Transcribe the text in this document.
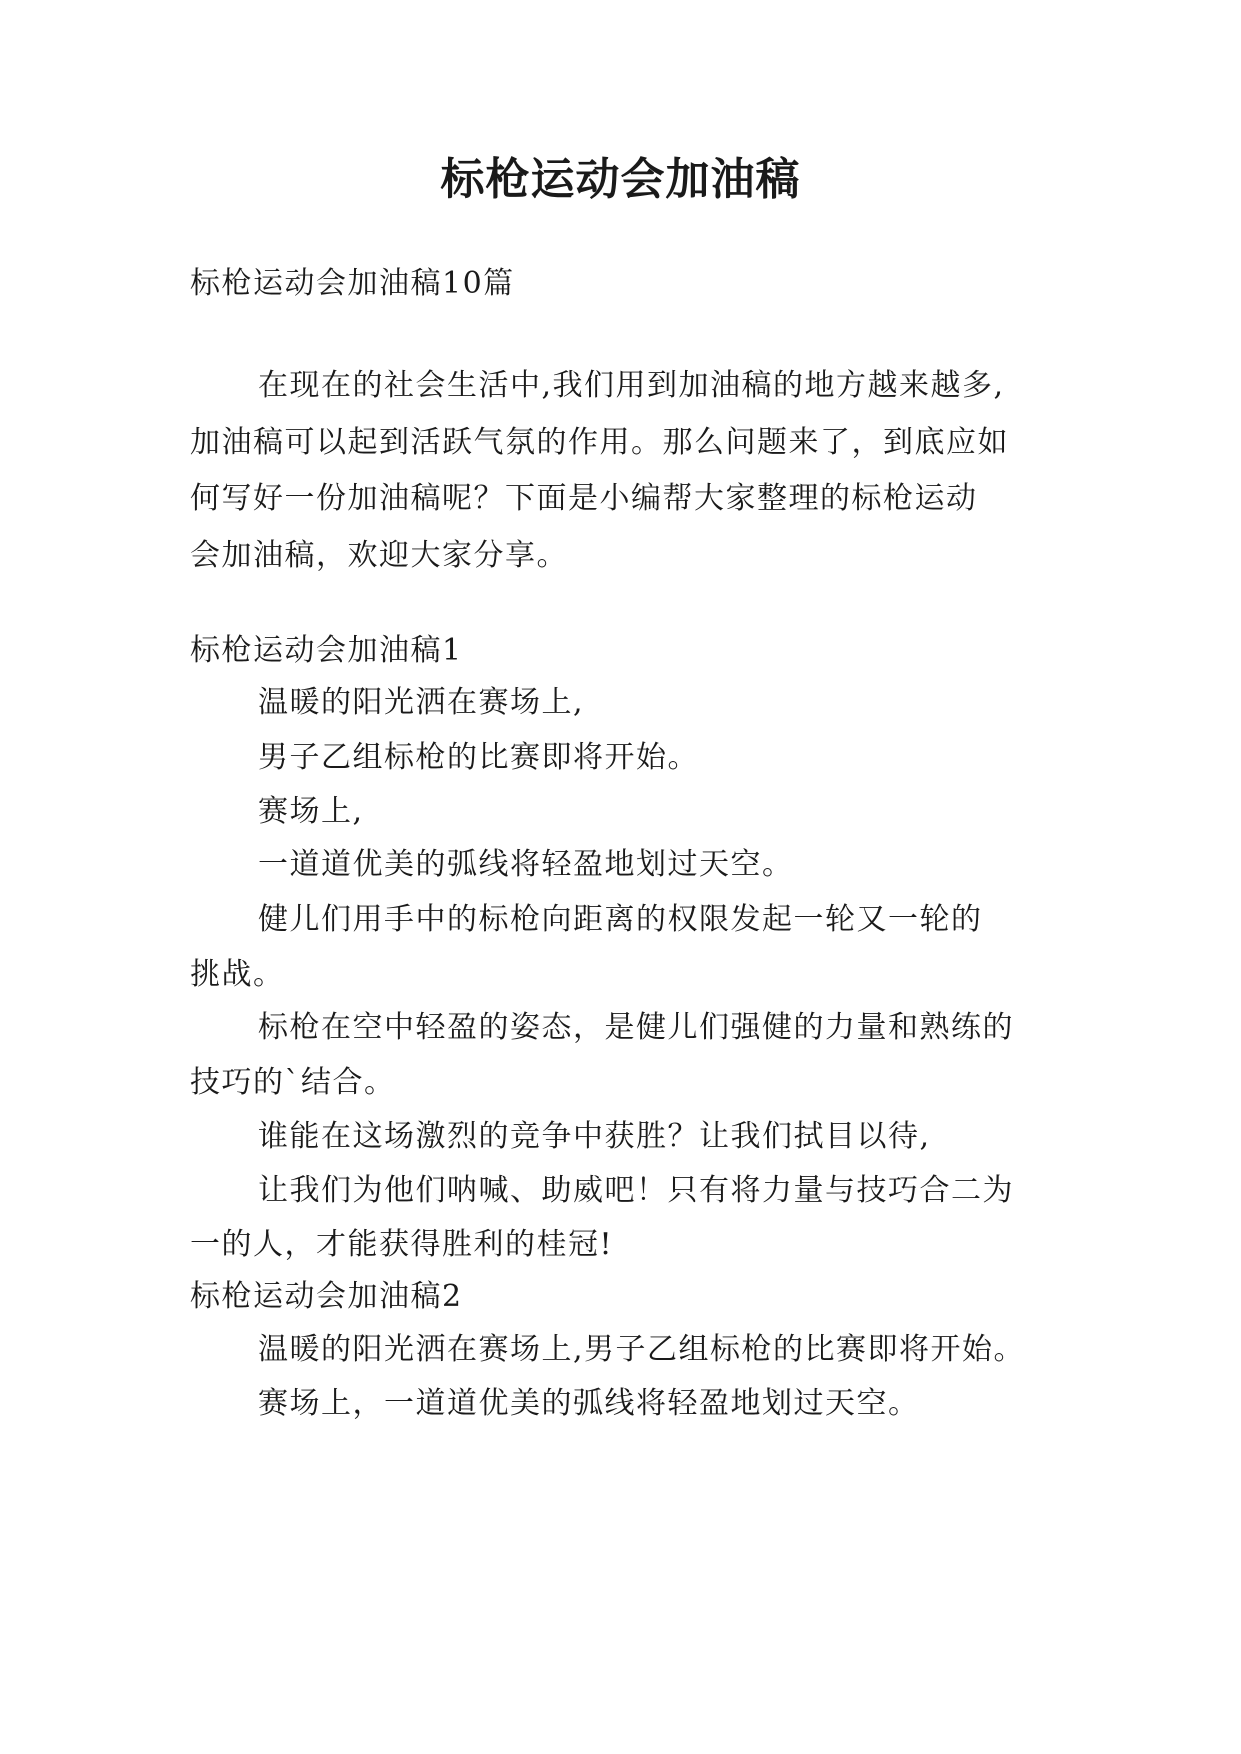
标枪运动会加油稿

标枪运动会加油稿10篇

在现在的社会生活中,我们用到加油稿的地方越来越多,

加油稿可以起到活跃气氛的作用。那么问题来了，到底应如

何写好一份加油稿呢？下面是小编帮大家整理的标枪运动

会加油稿，欢迎大家分享。

标枪运动会加油稿1

温暖的阳光洒在赛场上,

男子乙组标枪的比赛即将开始。

赛场上,

一道道优美的弧线将轻盈地划过天空。

健儿们用手中的标枪向距离的权限发起一轮又一轮的

挑战。

标枪在空中轻盈的姿态，是健儿们强健的力量和熟练的

技巧的`结合。

谁能在这场激烈的竞争中获胜？让我们拭目以待,

让我们为他们呐喊、助威吧！只有将力量与技巧合二为

一的人，才能获得胜利的桂冠!

标枪运动会加油稿2

温暖的阳光洒在赛场上,男子乙组标枪的比赛即将开始。

赛场上，一道道优美的弧线将轻盈地划过天空。
